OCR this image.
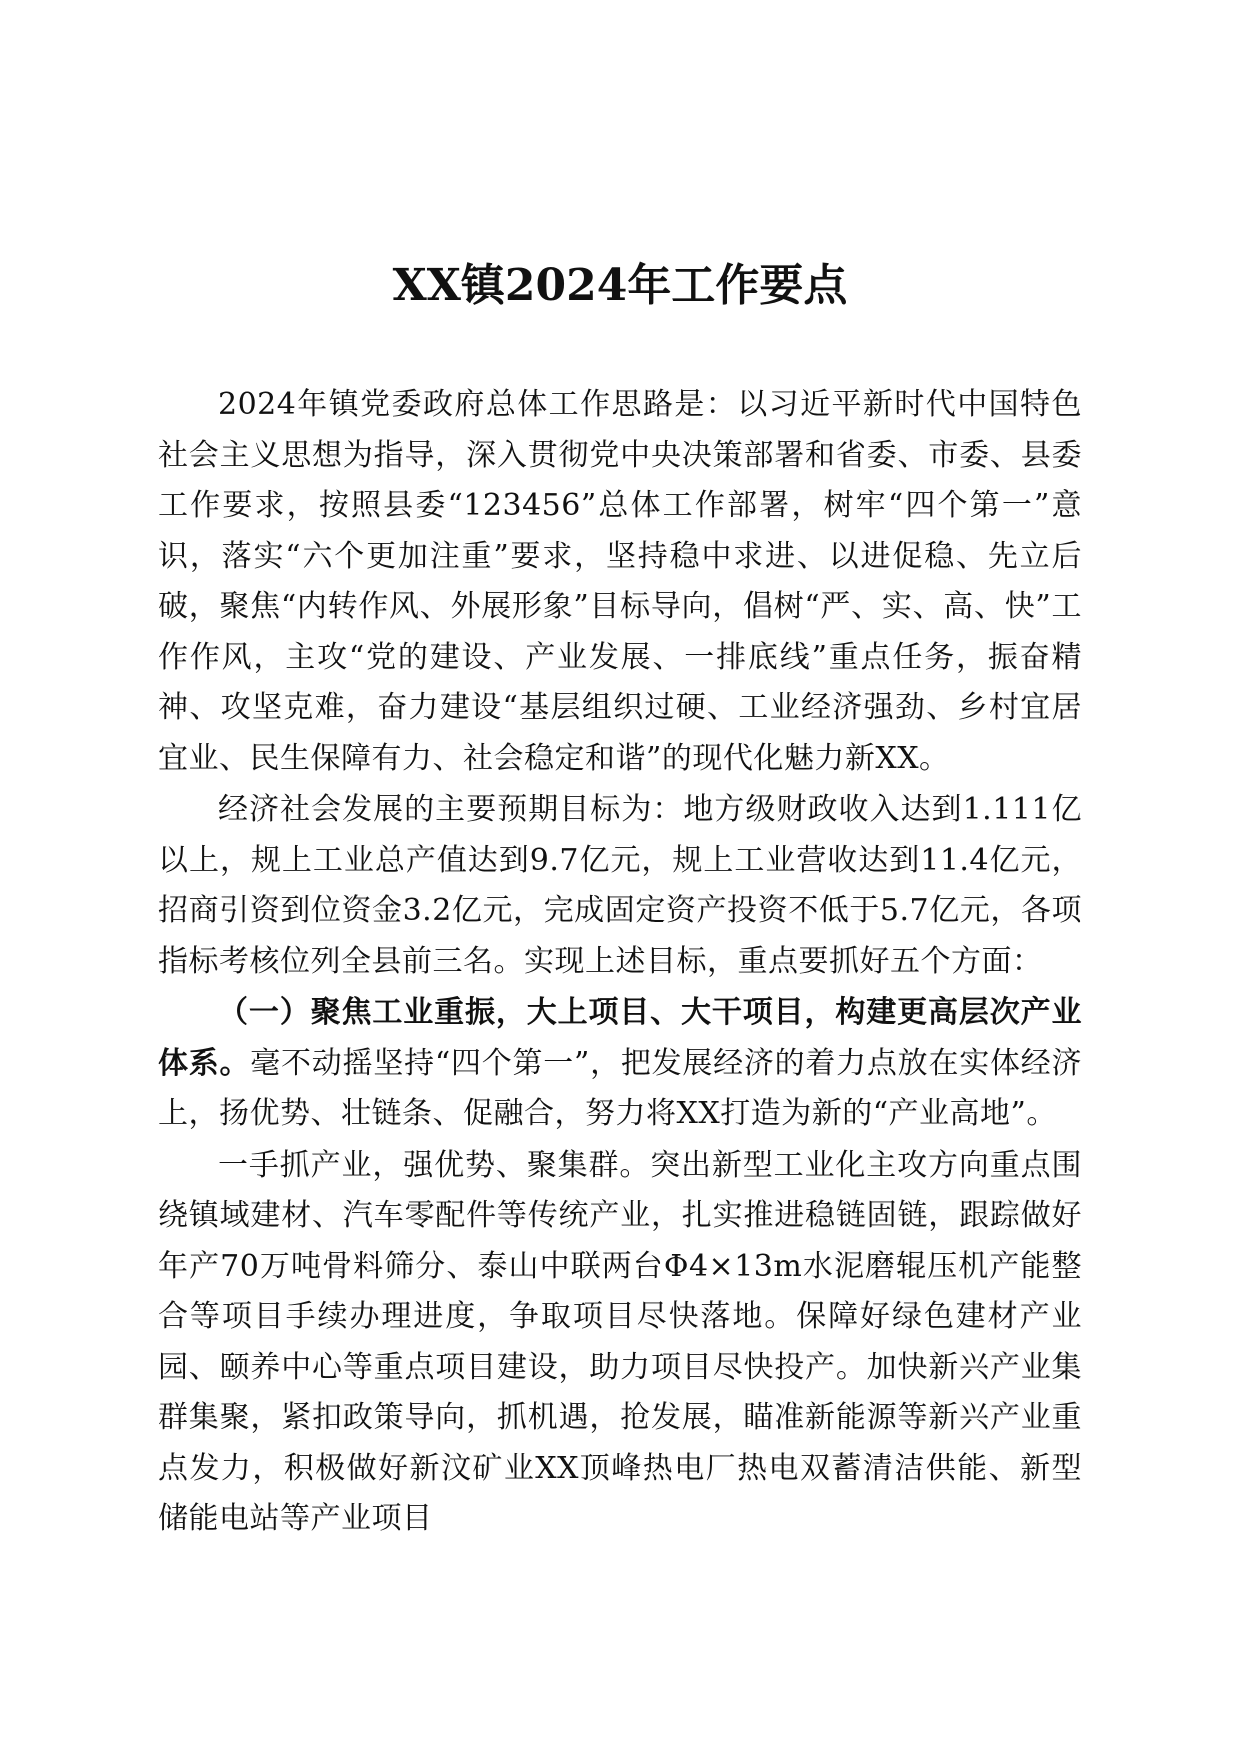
XX镇2024年工作要点

2024年镇党委政府总体工作思路是：以习近平新时代中国特色社会主义思想为指导，深入贯彻党中央决策部署和省委、市委、县委工作要求，按照县委“123456”总体工作部署，树牢“四个第一”意识，落实“六个更加注重”要求，坚持稳中求进、以进促稳、先立后破，聚焦“内转作风、外展形象”目标导向，倡树“严、实、高、快”工作作风，主攻“党的建设、产业发展、一排底线”重点任务，振奋精神、攻坚克难，奋力建设“基层组织过硬、工业经济强劲、乡村宜居宜业、民生保障有力、社会稳定和谐”的现代化魅力新XX。

经济社会发展的主要预期目标为：地方级财政收入达到1.111亿以上，规上工业总产值达到9.7亿元，规上工业营收达到11.4亿元，招商引资到位资金3.2亿元，完成固定资产投资不低于5.7亿元，各项指标考核位列全县前三名。实现上述目标，重点要抓好五个方面：

（一）聚焦工业重振，大上项目、大干项目，构建更高层次产业体系。毫不动摇坚持“四个第一”，把发展经济的着力点放在实体经济上，扬优势、壮链条、促融合，努力将XX打造为新的“产业高地”。

一手抓产业，强优势、聚集群。突出新型工业化主攻方向重点围绕镇域建材、汽车零配件等传统产业，扎实推进稳链固链，跟踪做好年产70万吨骨料筛分、泰山中联两台Φ4×13m水泥磨辊压机产能整合等项目手续办理进度，争取项目尽快落地。保障好绿色建材产业园、颐养中心等重点项目建设，助力项目尽快投产。加快新兴产业集群集聚，紧扣政策导向，抓机遇，抢发展，瞄准新能源等新兴产业重点发力，积极做好新汶矿业XX顶峰热电厂热电双蓄清洁供能、新型储能电站等产业项目
